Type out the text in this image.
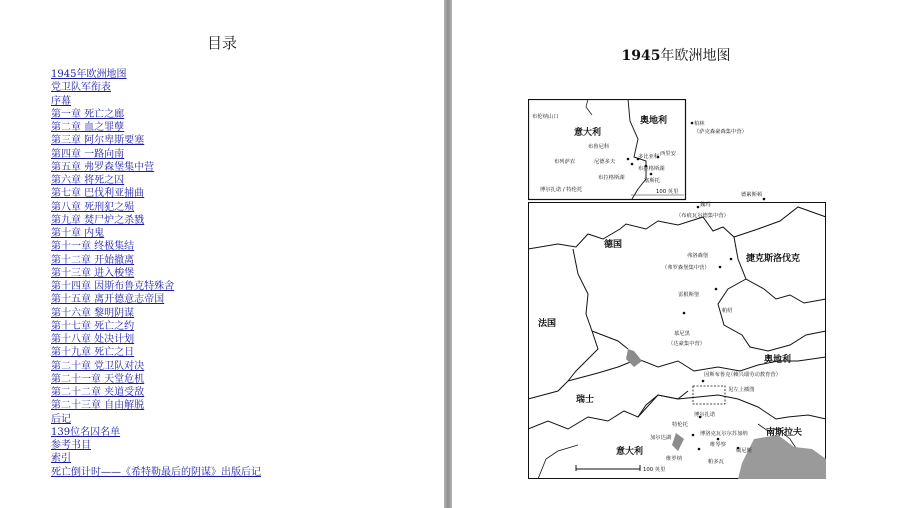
目录
1945年欧洲地图
党卫队军衔表
序幕
第一章 死亡之廊
第二章 血之罪孽
第三章 阿尔卑斯要塞
第四章 一路向南
第五章 弗罗森堡集中营
第六章 将死之囚
第七章 巴伐利亚捕曲
第八章 死刑犯之殒
第九章 焚尸炉之杀戮
第十章 内鬼
第十一章 终极集结
第十二章 开始撤离
第十三章 进入梭堡
第十四章 因斯布鲁克特殊舍
第十五章 离开德意志帝国
第十六章 黎明阴谋
第十七章 死亡之约
第十八章 处决计划
第十九章 死亡之日
第二十章 党卫队对决
第二十一章 天堂危机
第二十二章 夹道受敌
第二十三章 自由解脱
后记
139位名囚名单
参考书目
索引
死亡倒计时——《希特勒最后的阴谋》出版后记
1945年欧洲地图
意大利
奥地利
布伦纳山口
布鲁尼科
布列萨农	尼德多夫
多比亚科 西里安
布拉格斯湖
布拉格斯湖	塞斯托
博尔扎诺 / 特伦托	100 英里
柏林
（萨克森豪森集中营）
德累斯顿
魏玛
（布痕瓦尔德集中营）
德国
捷克斯洛伐克
弗洛森堡
（弗罗森堡集中营）
雷根斯堡
帕绍
法国
慕尼黑
（达豪集中营）
奥地利
因斯布鲁克
（赖兴瑙劳动教育营）
见左上插图
瑞士
博尔扎诺
特伦托
博洛克瓦尔尔苏加纳 南斯拉夫
加尔达湖
维琴察
威尼斯
意大利
维罗纳	帕多瓦
100 英里
